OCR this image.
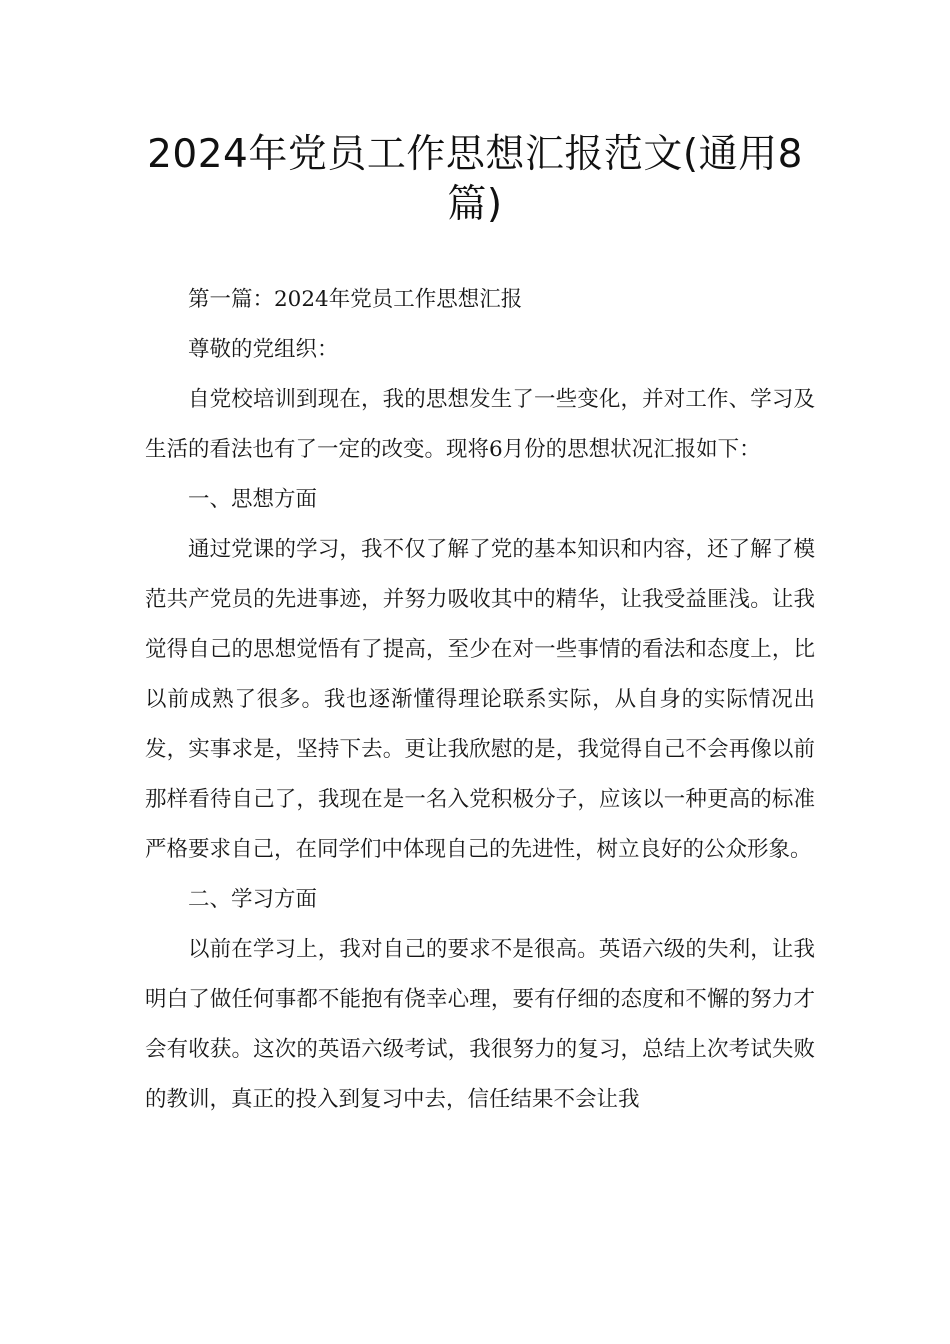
2024年党员工作思想汇报范文(通用8篇)

第一篇：2024年党员工作思想汇报

尊敬的党组织：

自党校培训到现在，我的思想发生了一些变化，并对工作、学习及生活的看法也有了一定的改变。现将6月份的思想状况汇报如下：

一、思想方面

通过党课的学习，我不仅了解了党的基本知识和内容，还了解了模范共产党员的先进事迹，并努力吸收其中的精华，让我受益匪浅。让我觉得自己的思想觉悟有了提高，至少在对一些事情的看法和态度上，比以前成熟了很多。我也逐渐懂得理论联系实际，从自身的实际情况出发，实事求是，坚持下去。更让我欣慰的是，我觉得自己不会再像以前那样看待自己了，我现在是一名入党积极分子，应该以一种更高的标准严格要求自己，在同学们中体现自己的先进性，树立良好的公众形象。

二、学习方面

以前在学习上，我对自己的要求不是很高。英语六级的失利，让我明白了做任何事都不能抱有侥幸心理，要有仔细的态度和不懈的努力才会有收获。这次的英语六级考试，我很努力的复习，总结上次考试失败的教训，真正的投入到复习中去，信任结果不会让我
